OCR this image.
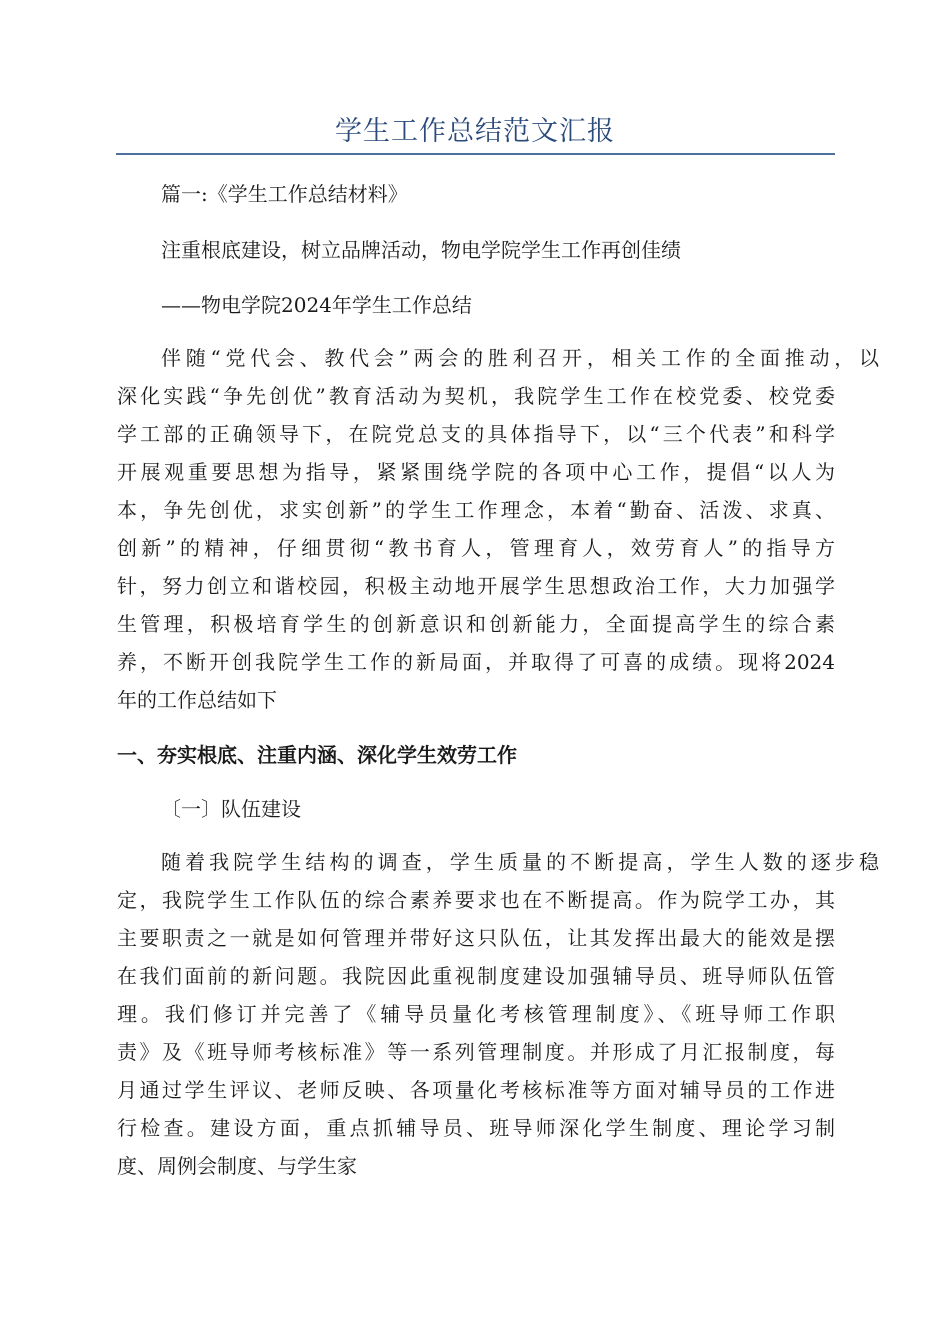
学生工作总结范文汇报
篇一:《学生工作总结材料》
注重根底建设，树立品牌活动，物电学院学生工作再创佳绩
——物电学院2024年学生工作总结
伴随“党代会、教代会”两会的胜利召开，相关工作的全面推动，以
深化实践“争先创优”教育活动为契机，我院学生工作在校党委、校党委
学工部的正确领导下，在院党总支的具体指导下，以“三个代表”和科学
开展观重要思想为指导，紧紧围绕学院的各项中心工作，提倡“以人为
本，争先创优，求实创新”的学生工作理念，本着“勤奋、活泼、求真、
创新”的精神，仔细贯彻“教书育人，管理育人，效劳育人”的指导方
针，努力创立和谐校园，积极主动地开展学生思想政治工作，大力加强学
生管理，积极培育学生的创新意识和创新能力，全面提高学生的综合素
养，不断开创我院学生工作的新局面，并取得了可喜的成绩。现将2024
年的工作总结如下
一、夯实根底、注重内涵、深化学生效劳工作
〔一〕队伍建设
随着我院学生结构的调查，学生质量的不断提高，学生人数的逐步稳
定，我院学生工作队伍的综合素养要求也在不断提高。作为院学工办，其
主要职责之一就是如何管理并带好这只队伍，让其发挥出最大的能效是摆
在我们面前的新问题。我院因此重视制度建设加强辅导员、班导师队伍管
理。我们修订并完善了《辅导员量化考核管理制度》、《班导师工作职
责》及《班导师考核标准》等一系列管理制度。并形成了月汇报制度，每
月通过学生评议、老师反映、各项量化考核标准等方面对辅导员的工作进
行检查。建设方面，重点抓辅导员、班导师深化学生制度、理论学习制
度、周例会制度、与学生家
